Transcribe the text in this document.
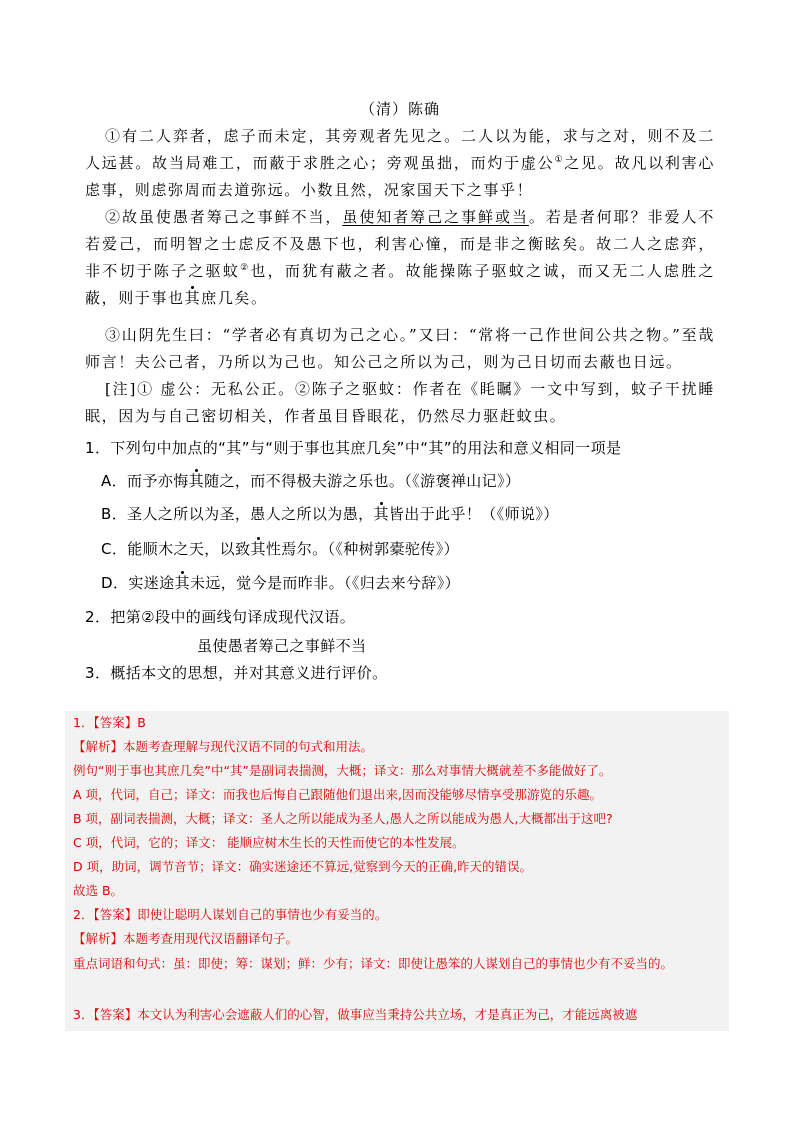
（清）陈确

①有二人弈者，虑子而未定，其旁观者先见之。二人以为能，求与之对，则不及二人远甚。故当局难工，而蔽于求胜之心；旁观虽拙，而灼于虚公①之见。故凡以利害心虑事，则虑弥周而去道弥远。小数且然，况家国天下之事乎！

②故虽使愚者筹己之事鲜不当，虽使知者筹己之事鲜或当。若是者何耶？非爱人不若爱己，而明智之士虑反不及愚下也，利害心憧，而是非之衡眩矣。故二人之虑弈，非不切于陈子之驱蚊②也，而犹有蔽之者。故能操陈子驱蚊之诚，而又无二人虑胜之蔽，则于事也其庶几矣。

③山阴先生曰：“学者必有真切为己之心。”又曰：“常将一己作世间公共之物。”至哉师言！夫公己者，乃所以为己也。知公己之所以为己，则为己日切而去蔽也日远。

[注]① 虚公：无私公正。②陈子之驱蚊：作者在《眊瞩》一文中写到，蚊子干扰睡眠，因为与自己密切相关，作者虽目昏眼花，仍然尽力驱赶蚊虫。

1．下列句中加点的“其”与“则于事也其庶几矣”中“其”的用法和意义相同一项是
A．而予亦悔其随之，而不得极夫游之乐也。（《游褒禅山记》）
B．圣人之所以为圣，愚人之所以为愚，其皆出于此乎！（《师说》）
C．能顺木之天，以致其性焉尔。（《种树郭橐驼传》）
D．实迷途其未远，觉今是而昨非。（《归去来兮辞》）
2．把第②段中的画线句译成现代汉语。
虽使愚者筹己之事鲜不当
3．概括本文的思想，并对其意义进行评价。
1．【答案】B
【解析】本题考查理解与现代汉语不同的句式和用法。
例句“则于事也其庶几矣”中“其”是副词表揣测，大概；译文：那么对事情大概就差不多能做好了。
A 项，代词，自己；译文：而我也后悔自己跟随他们退出来,因而没能够尽情享受那游览的乐趣。
B 项，副词表揣测，大概；译文：圣人之所以能成为圣人,愚人之所以能成为愚人,大概都出于这吧?
C 项，代词，它的；译文： 能顺应树木生长的天性而使它的本性发展。
D 项，助词，调节音节；译文：确实迷途还不算远,觉察到今天的正确,昨天的错误。
故选 B。
2．【答案】即使让聪明人谋划自己的事情也少有妥当的。
【解析】本题考查用现代汉语翻译句子。
重点词语和句式：虽：即使；筹：谋划；鲜：少有；译文：即使让愚笨的人谋划自己的事情也少有不妥当的。
3．【答案】本文认为利害心会遮蔽人们的心智，做事应当秉持公共立场，才是真正为己，才能远离被遮
